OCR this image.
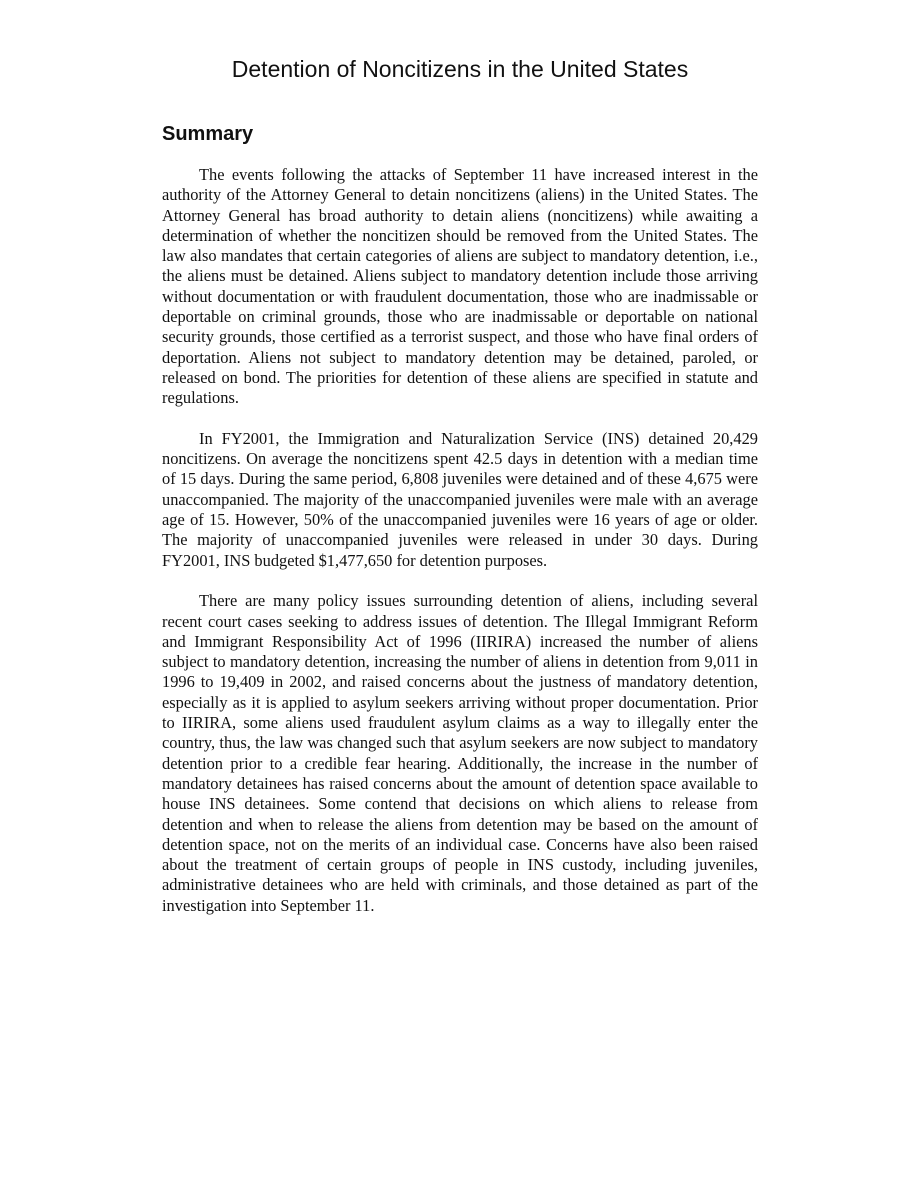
Detention of Noncitizens in the United States
Summary

The events following the attacks of September 11 have increased interest in the authority of the Attorney General to detain noncitizens (aliens) in the United States. The Attorney General has broad authority to detain aliens (noncitizens) while awaiting a determination of whether the noncitizen should be removed from the United States. The law also mandates that certain categories of aliens are subject to mandatory detention, i.e., the aliens must be detained. Aliens subject to mandatory detention include those arriving without documentation or with fraudulent documentation, those who are inadmissable or deportable on criminal grounds, those who are inadmissable or deportable on national security grounds, those certified as a terrorist suspect, and those who have final orders of deportation. Aliens not subject to mandatory detention may be detained, paroled, or released on bond. The priorities for detention of these aliens are specified in statute and regulations.

In FY2001, the Immigration and Naturalization Service (INS) detained 20,429 noncitizens. On average the noncitizens spent 42.5 days in detention with a median time of 15 days. During the same period, 6,808 juveniles were detained and of these 4,675 were unaccompanied. The majority of the unaccompanied juveniles were male with an average age of 15. However, 50% of the unaccompanied juveniles were 16 years of age or older. The majority of unaccompanied juveniles were released in under 30 days. During FY2001, INS budgeted $1,477,650 for detention purposes.

There are many policy issues surrounding detention of aliens, including several recent court cases seeking to address issues of detention. The Illegal Immigrant Reform and Immigrant Responsibility Act of 1996 (IIRIRA) increased the number of aliens subject to mandatory detention, increasing the number of aliens in detention from 9,011 in 1996 to 19,409 in 2002, and raised concerns about the justness of mandatory detention, especially as it is applied to asylum seekers arriving without proper documentation. Prior to IIRIRA, some aliens used fraudulent asylum claims as a way to illegally enter the country, thus, the law was changed such that asylum seekers are now subject to mandatory detention prior to a credible fear hearing. Additionally, the increase in the number of mandatory detainees has raised concerns about the amount of detention space available to house INS detainees. Some contend that decisions on which aliens to release from detention and when to release the aliens from detention may be based on the amount of detention space, not on the merits of an individual case. Concerns have also been raised about the treatment of certain groups of people in INS custody, including juveniles, administrative detainees who are held with criminals, and those detained as part of the investigation into September 11.
